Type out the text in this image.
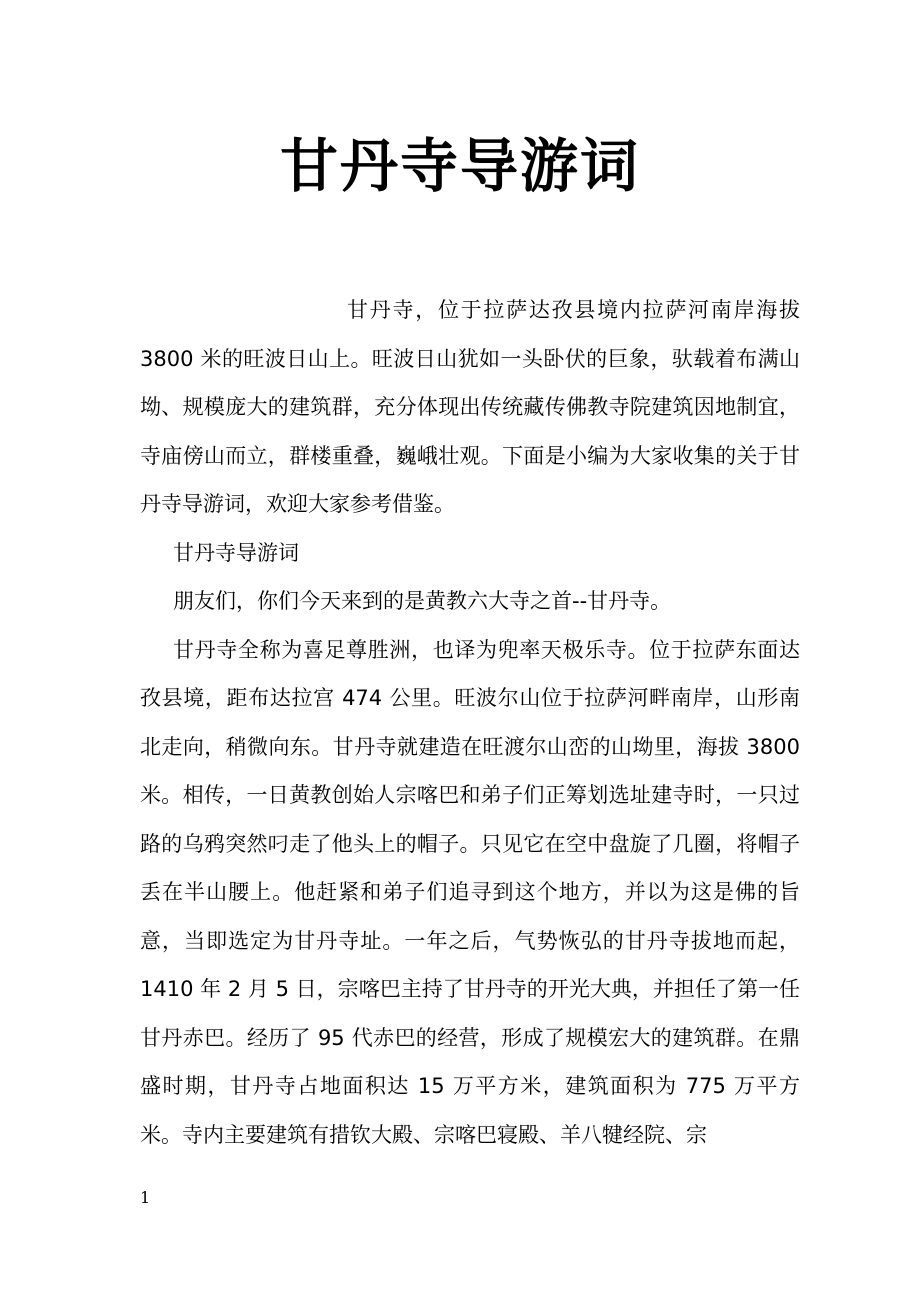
甘丹寺导游词

甘丹寺，位于拉萨达孜县境内拉萨河南岸海拔 3800 米的旺波日山上。旺波日山犹如一头卧伏的巨象，驮载着布满山坳、规模庞大的建筑群，充分体现出传统藏传佛教寺院建筑因地制宜，寺庙傍山而立，群楼重叠，巍峨壮观。下面是小编为大家收集的关于甘丹寺导游词，欢迎大家参考借鉴。

甘丹寺导游词

朋友们，你们今天来到的是黄教六大寺之首--甘丹寺。

甘丹寺全称为喜足尊胜洲，也译为兜率天极乐寺。位于拉萨东面达孜县境，距布达拉宫 474 公里。旺波尔山位于拉萨河畔南岸，山形南北走向，稍微向东。甘丹寺就建造在旺渡尔山峦的山坳里，海拔 3800 米。相传，一日黄教创始人宗喀巴和弟子们正筹划选址建寺时，一只过路的乌鸦突然叼走了他头上的帽子。只见它在空中盘旋了几圈，将帽子丢在半山腰上。他赶紧和弟子们追寻到这个地方，并以为这是佛的旨意，当即选定为甘丹寺址。一年之后，气势恢弘的甘丹寺拔地而起，1410 年 2 月 5 日，宗喀巴主持了甘丹寺的开光大典，并担任了第一任甘丹赤巴。经历了 95 代赤巴的经营，形成了规模宏大的建筑群。在鼎盛时期，甘丹寺占地面积达 15 万平方米，建筑面积为 775 万平方米。寺内主要建筑有措钦大殿、宗喀巴寝殿、羊八犍经院、宗

1
